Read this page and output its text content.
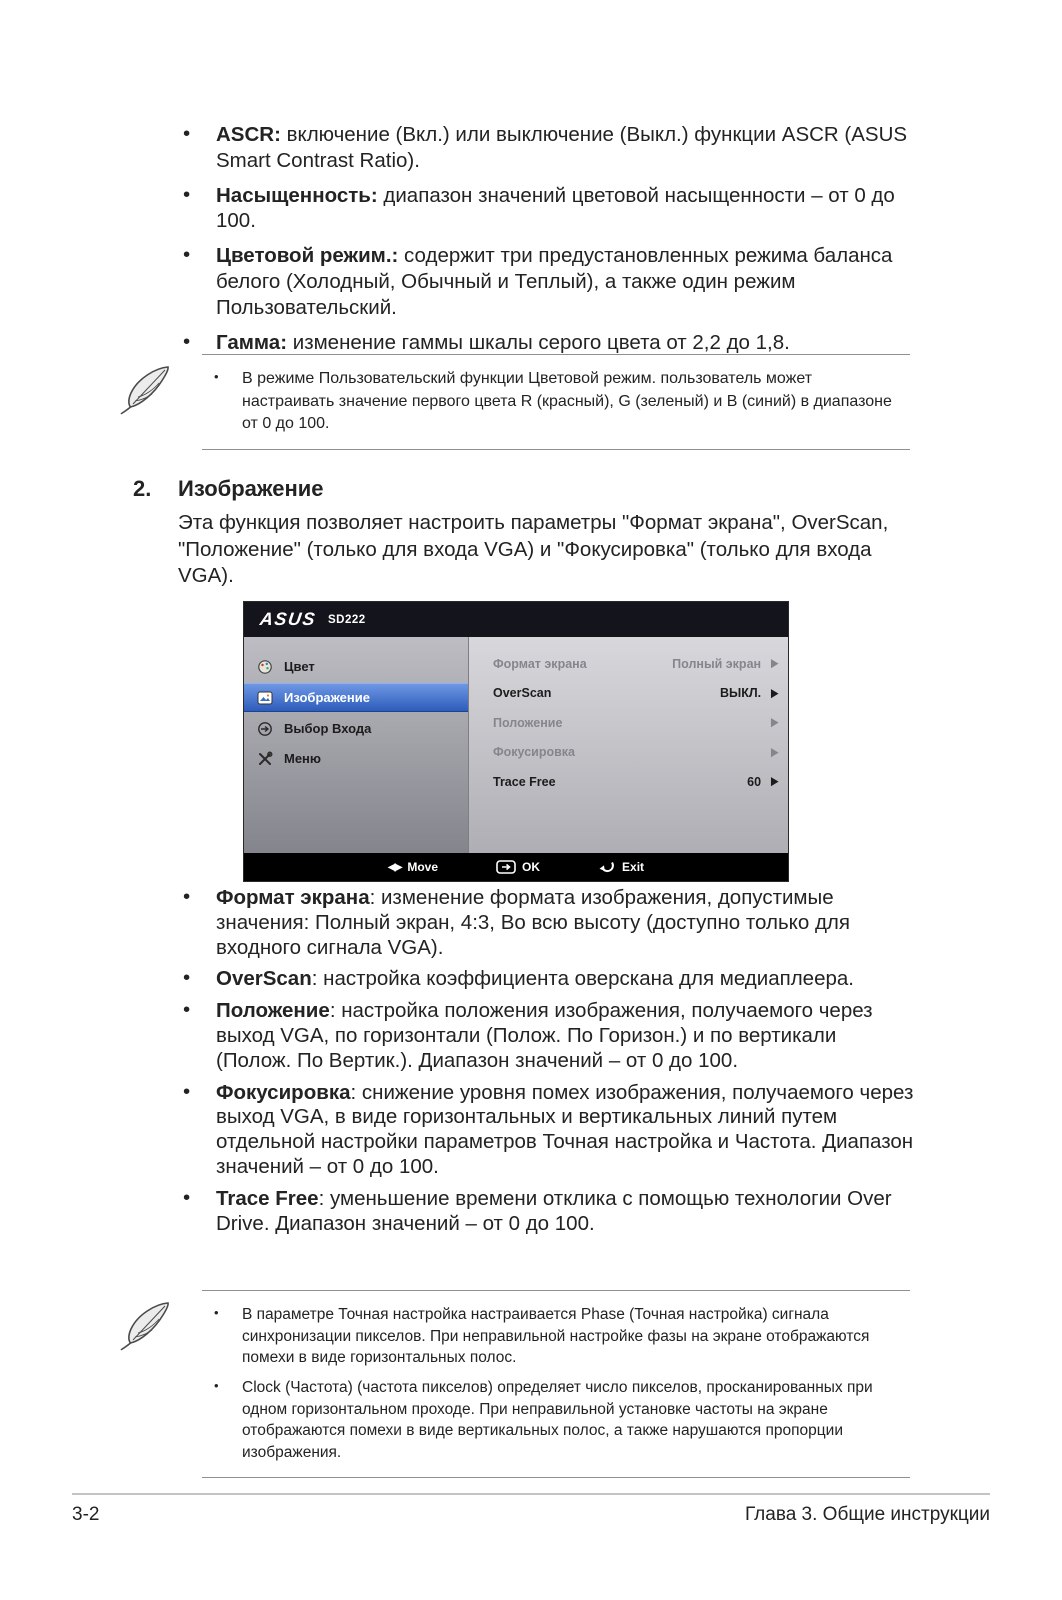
• ASCR: включение (Вкл.) или выключение (Выкл.) функции ASCR (ASUS Smart Contrast Ratio).
• Насыщенность: диапазон значений цветовой насыщенности – от 0 до 100.
• Цветовой режим.: содержит три предустановленных режима баланса белого (Холодный, Обычный и Теплый), а также один режим Пользовательский.
• Гамма: изменение гаммы шкалы серого цвета от 2,2 до 1,8.
• В режиме Пользовательский функции Цветовой режим. пользователь может настраивать значение первого цвета R (красный), G (зеленый) и B (синий) в диапазоне от 0 до 100.
2. Изображение
Эта функция позволяет настроить параметры "Формат экрана", OverScan, "Положение" (только для входа VGA) и "Фокусировка" (только для входа VGA).
ASUS SD222
Цвет
Изображение
Выбор Входа
Меню
Формат экрана	Полный экран ▶
OverScan	ВЫКЛ. ▶
Положение	▶
Фокусировка	▶
Trace Free	60 ▶
◀▶ Move	OK	Exit
• Формат экрана: изменение формата изображения, допустимые значения: Полный экран, 4:3, Во всю высоту (доступно только для входного сигнала VGA).
• OverScan: настройка коэффициента оверскана для медиаплеера.
• Положение: настройка положения изображения, получаемого через выход VGA, по горизонтали (Полож. По Горизон.) и по вертикали (Полож. По Вертик.). Диапазон значений – от 0 до 100.
• Фокусировка: снижение уровня помех изображения, получаемого через выход VGA, в виде горизонтальных и вертикальных линий путем отдельной настройки параметров Точная настройка и Частота. Диапазон значений – от 0 до 100.
• Trace Free: уменьшение времени отклика с помощью технологии Over Drive. Диапазон значений – от 0 до 100.
• В параметре Точная настройка настраивается Phase (Точная настройка) сигнала синхронизации пикселов. При неправильной настройке фазы на экране отображаются помехи в виде горизонтальных полос.
• Clock (Частота) (частота пикселов) определяет число пикселов, просканированных при одном горизонтальном проходе. При неправильной установке частоты на экране отображаются помехи в виде вертикальных полос, а также нарушаются пропорции изображения.
3-2	Глава 3. Общие инструкции
